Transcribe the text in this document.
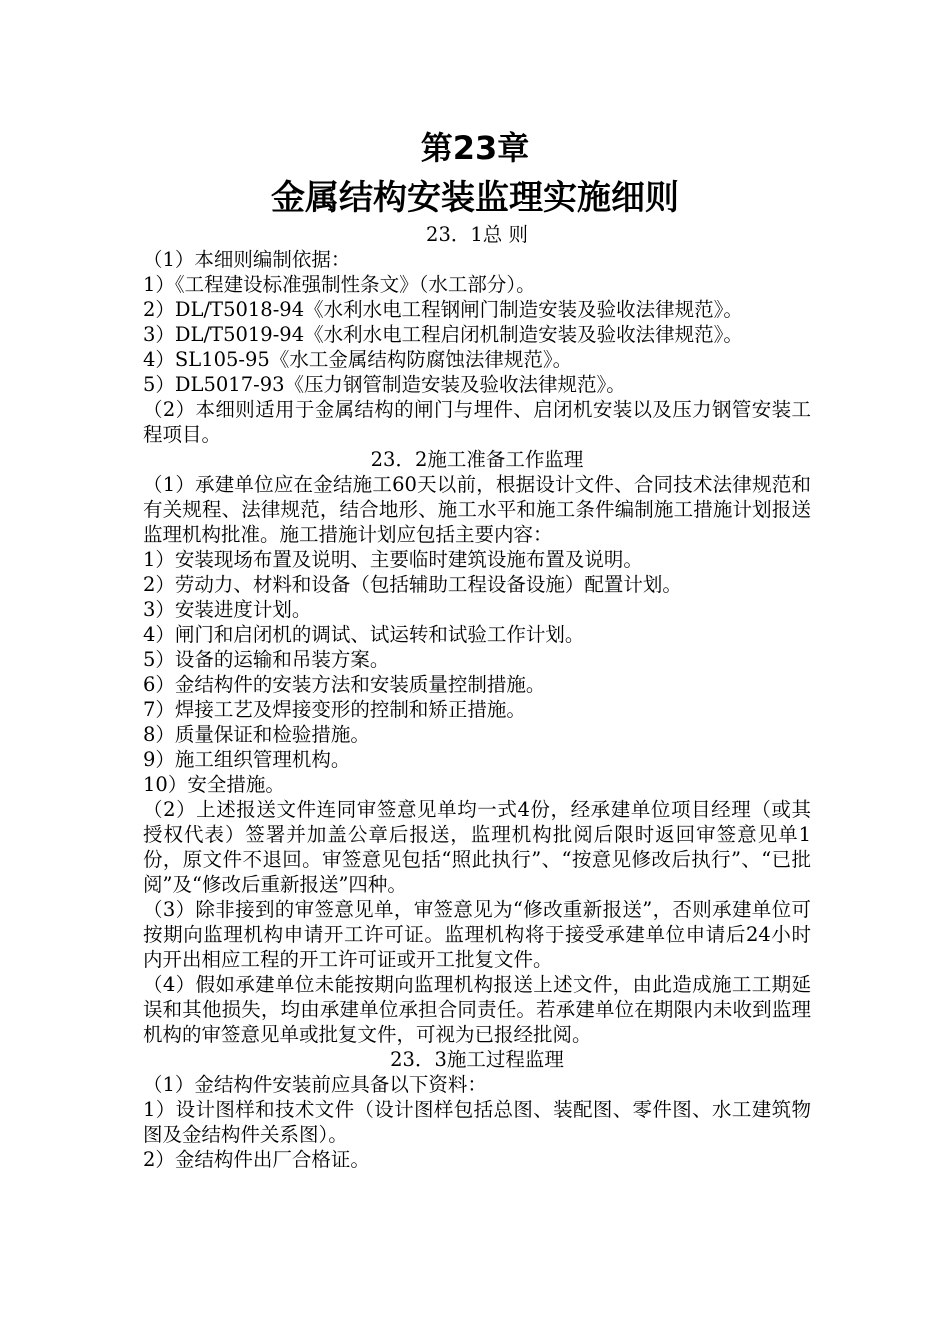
第23章
金属结构安装监理实施细则

23．1总 则

（1）本细则编制依据：

1）《工程建设标准强制性条文》（水工部分）。

2）DL/T5018-94《水利水电工程钢闸门制造安装及验收法律规范》。

3）DL/T5019-94《水利水电工程启闭机制造安装及验收法律规范》。

4）SL105-95《水工金属结构防腐蚀法律规范》。

5）DL5017-93《压力钢管制造安装及验收法律规范》。

（2）本细则适用于金属结构的闸门与埋件、启闭机安装以及压力钢管安装工程项目。

23．2施工准备工作监理

（1）承建单位应在金结施工60天以前，根据设计文件、合同技术法律规范和有关规程、法律规范，结合地形、施工水平和施工条件编制施工措施计划报送监理机构批准。施工措施计划应包括主要内容：

1）安装现场布置及说明、主要临时建筑设施布置及说明。

2）劳动力、材料和设备（包括辅助工程设备设施）配置计划。

3）安装进度计划。

4）闸门和启闭机的调试、试运转和试验工作计划。

5）设备的运输和吊装方案。

6）金结构件的安装方法和安装质量控制措施。

7）焊接工艺及焊接变形的控制和矫正措施。

8）质量保证和检验措施。

9）施工组织管理机构。

10）安全措施。

（2）上述报送文件连同审签意见单均一式4份，经承建单位项目经理（或其授权代表）签署并加盖公章后报送，监理机构批阅后限时返回审签意见单1份，原文件不退回。审签意见包括“照此执行”、“按意见修改后执行”、“已批阅”及“修改后重新报送”四种。

（3）除非接到的审签意见单，审签意见为“修改重新报送”，否则承建单位可按期向监理机构申请开工许可证。监理机构将于接受承建单位申请后24小时内开出相应工程的开工许可证或开工批复文件。

（4）假如承建单位未能按期向监理机构报送上述文件，由此造成施工工期延误和其他损失，均由承建单位承担合同责任。若承建单位在期限内未收到监理机构的审签意见单或批复文件，可视为已报经批阅。

23．3施工过程监理

（1）金结构件安装前应具备以下资料：

1）设计图样和技术文件（设计图样包括总图、装配图、零件图、水工建筑物图及金结构件关系图）。

2）金结构件出厂合格证。
